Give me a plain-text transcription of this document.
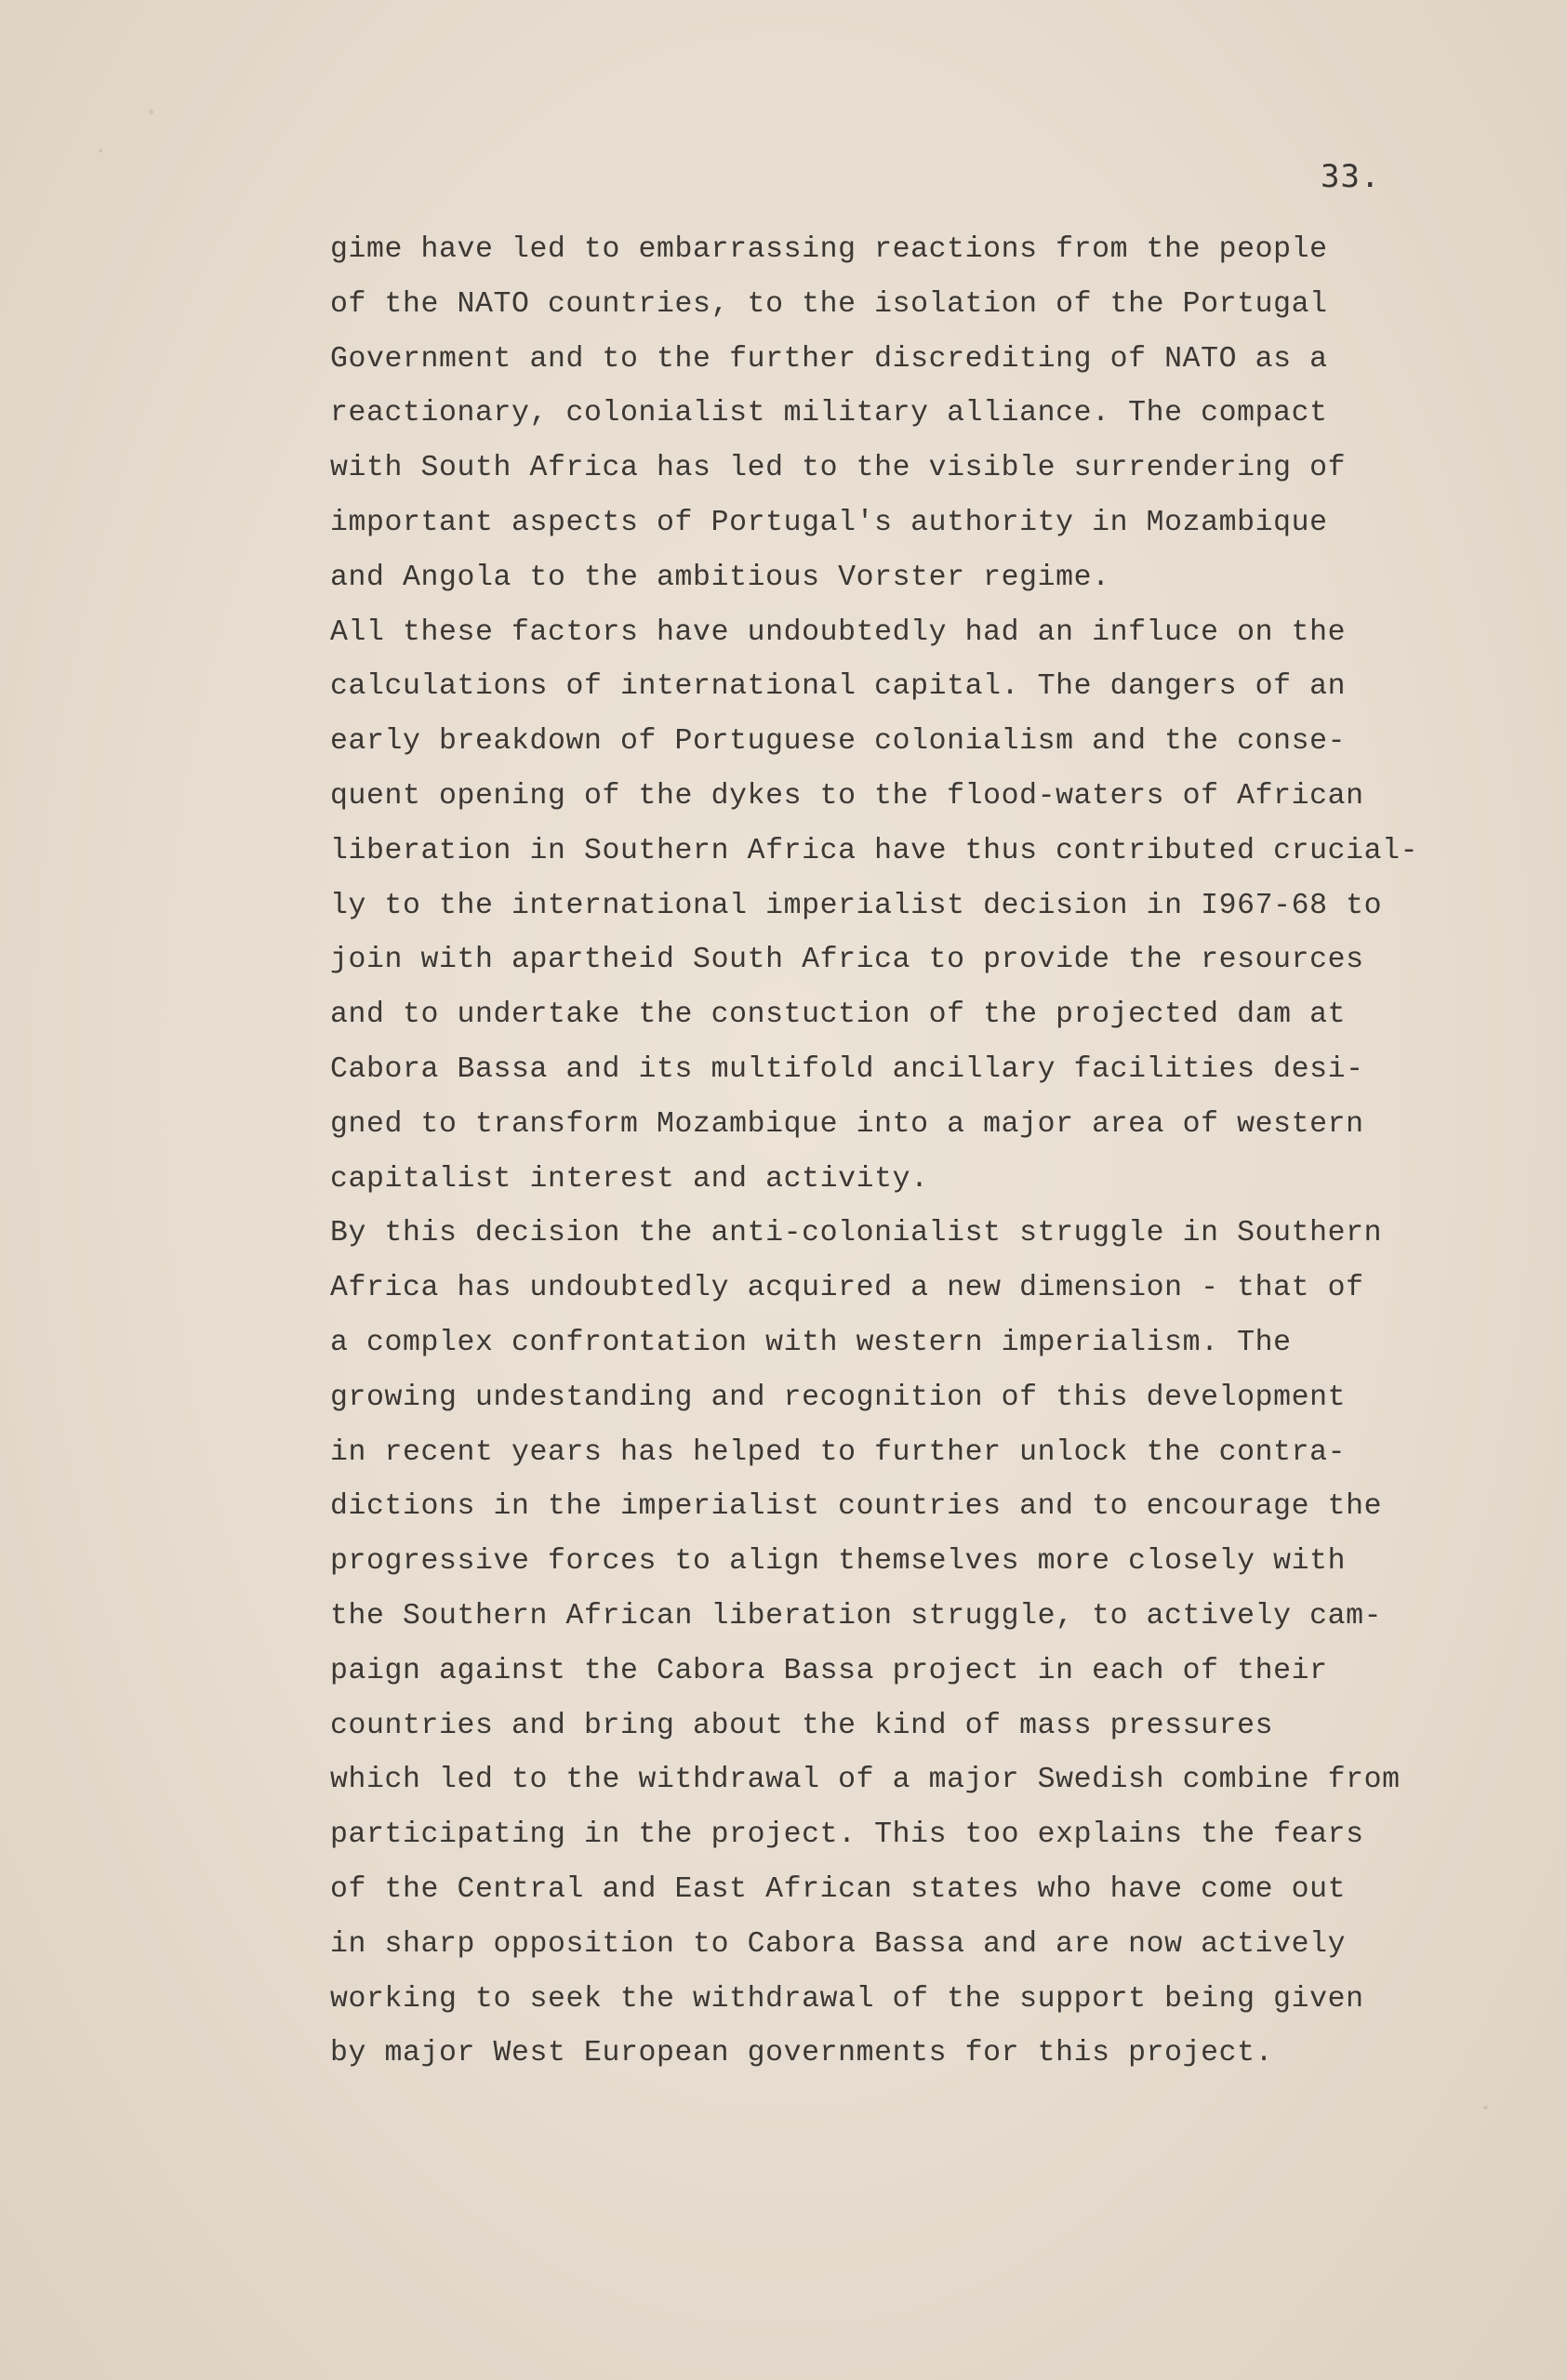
33.
gime have led to embarrassing reactions from the people
of the NATO countries, to the isolation of the Portugal
Government and to the further discrediting of NATO as a
reactionary, colonialist military alliance. The compact
with South Africa has led to the visible surrendering of
important aspects of Portugal's authority in Mozambique
and Angola to the ambitious Vorster regime.
All these factors have undoubtedly had an influce on the
calculations of international capital. The dangers of an
early breakdown of Portuguese colonialism and the conse-
quent opening of the dykes to the flood-waters of African
liberation in Southern Africa have thus contributed crucial-
ly to the international imperialist decision in I967-68 to
join with apartheid South Africa to provide the resources
and to undertake the constuction of the projected dam at
Cabora Bassa and its multifold ancillary facilities desi-
gned to transform Mozambique into a major area of western
capitalist interest and activity.
By this decision the anti-colonialist struggle in Southern
Africa has undoubtedly acquired a new dimension - that of
a complex confrontation with western imperialism. The
growing undestanding and recognition of this development
in recent years has helped to further unlock the contra-
dictions in the imperialist countries and to encourage the
progressive forces to align themselves more closely with
the Southern African liberation struggle, to actively cam-
paign against the Cabora Bassa project in each of their
countries and bring about the kind of mass pressures
which led to the withdrawal of a major Swedish combine from
participating in the project. This too explains the fears
of the Central and East African states who have come out
in sharp opposition to Cabora Bassa and are now actively
working to seek the withdrawal of the support being given
by major West European governments for this project.
